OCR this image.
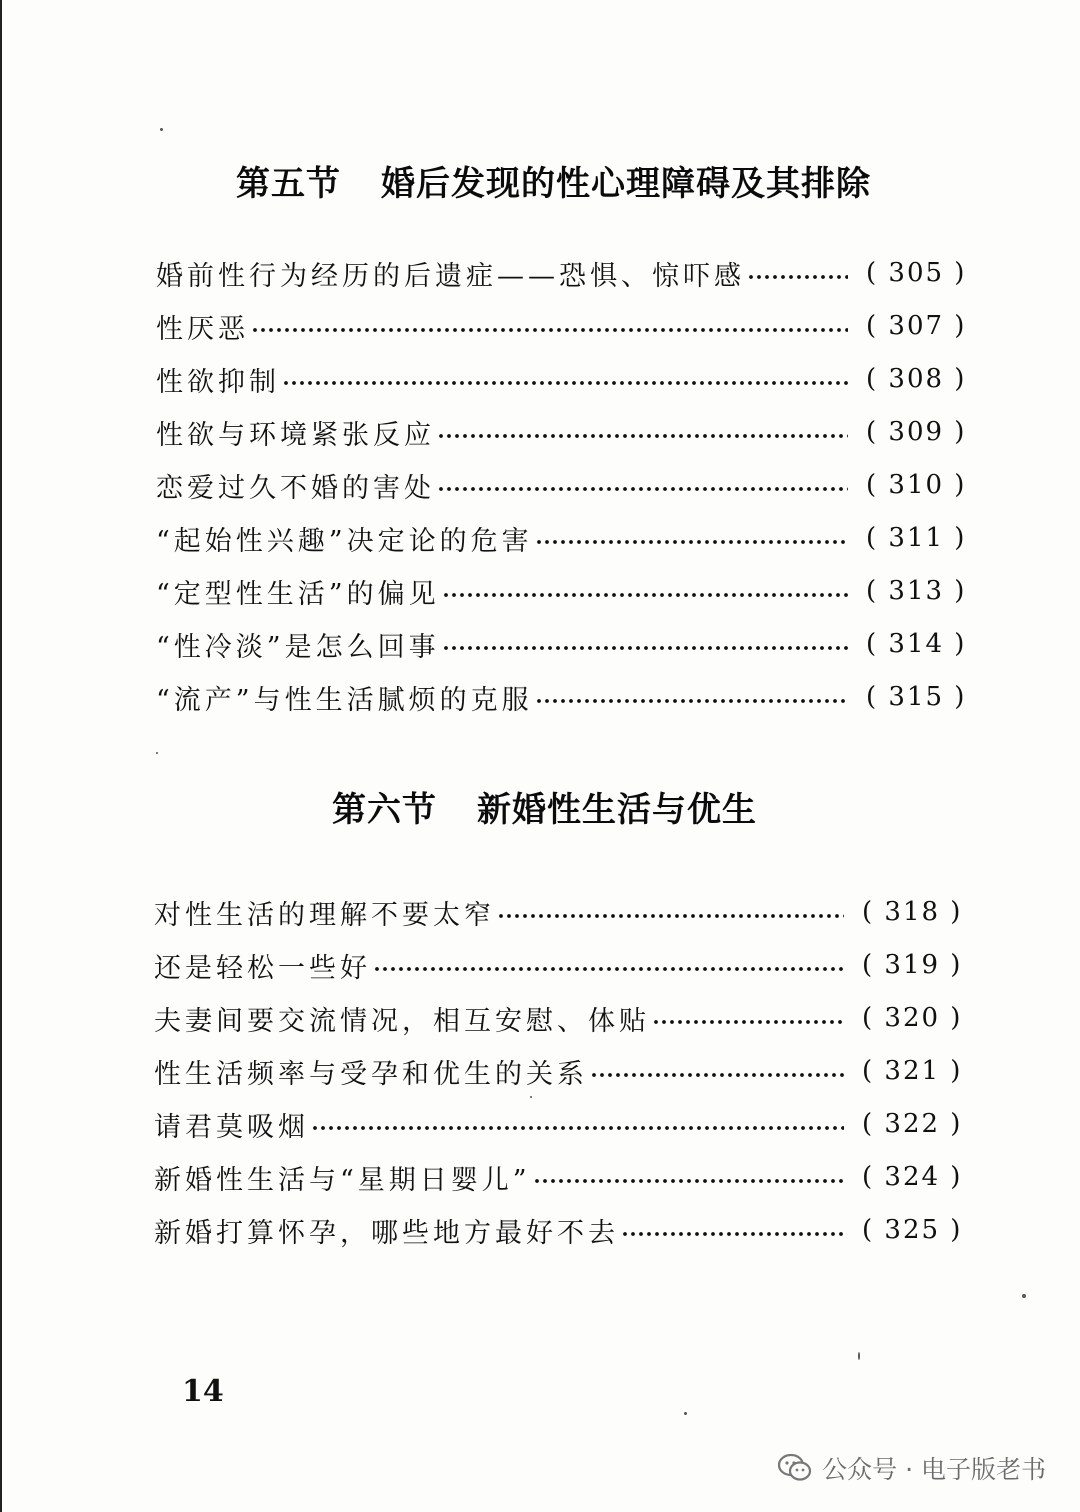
第五节 婚后发现的性心理障碍及其排除
婚前性行为经历的后遗症——恐惧、惊吓感	( 305 )
性厌恶	( 307 )
性欲抑制	( 308 )
性欲与环境紧张反应	( 309 )
恋爱过久不婚的害处	( 310 )
“起始性兴趣”决定论的危害	( 311 )
“定型性生活”的偏见	( 313 )
“性冷淡”是怎么回事	( 314 )
“流产”与性生活腻烦的克服	( 315 )
第六节 新婚性生活与优生
对性生活的理解不要太窄	( 318 )
还是轻松一些好	( 319 )
夫妻间要交流情况，相互安慰、体贴	( 320 )
性生活频率与受孕和优生的关系	( 321 )
请君莫吸烟	( 322 )
新婚性生活与“星期日婴儿”	( 324 )
新婚打算怀孕，哪些地方最好不去	( 325 )
14
公众号 · 电子版老书
